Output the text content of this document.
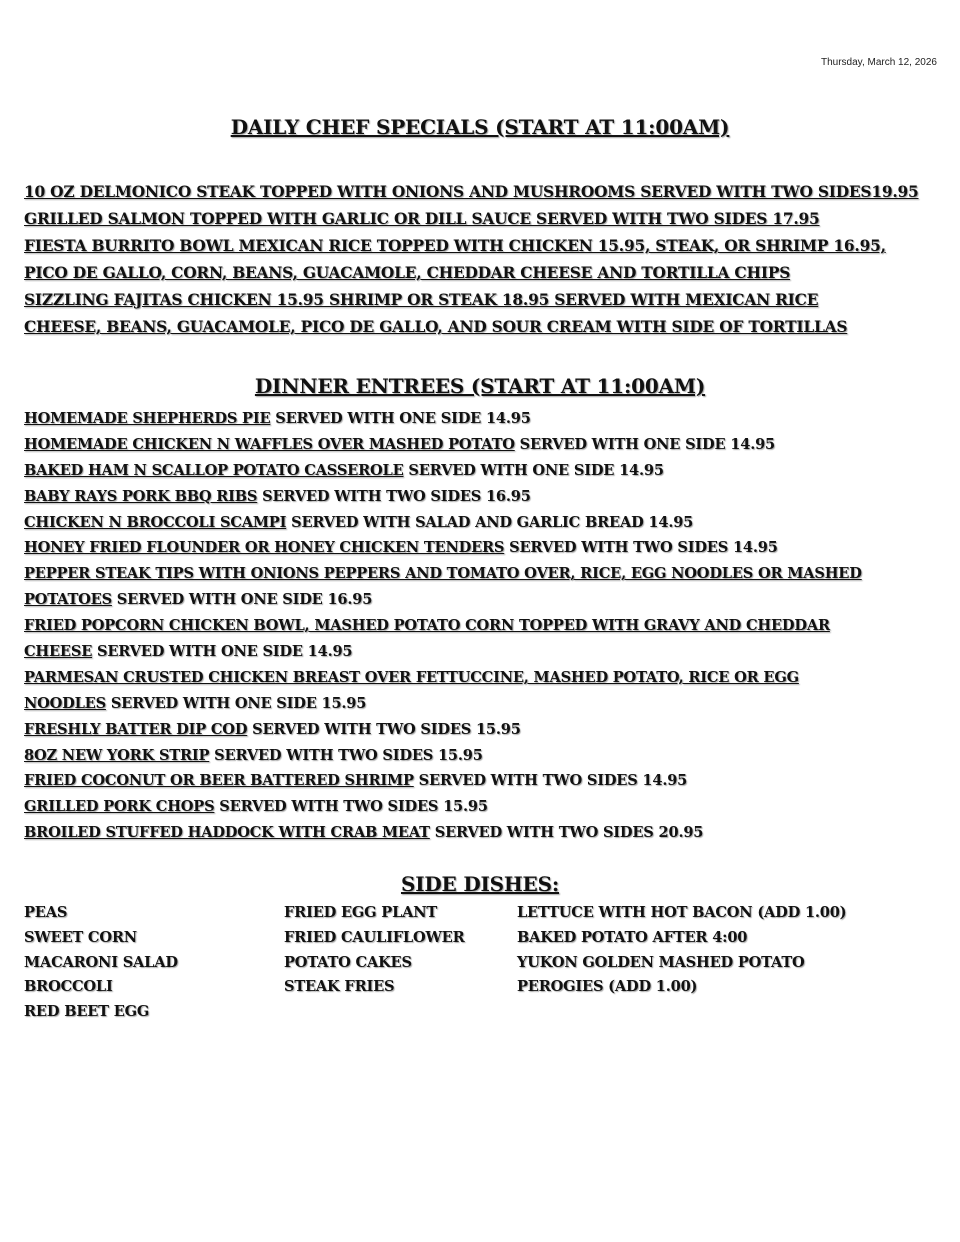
Thursday, March 12, 2026
DAILY CHEF SPECIALS (START AT 11:00AM)
10 OZ DELMONICO STEAK TOPPED WITH ONIONS AND MUSHROOMS SERVED WITH TWO SIDES19.95
GRILLED SALMON TOPPED WITH GARLIC OR DILL SAUCE SERVED WITH TWO SIDES 17.95
FIESTA BURRITO BOWL MEXICAN RICE TOPPED WITH CHICKEN 15.95, STEAK, OR SHRIMP 16.95,
PICO DE GALLO, CORN, BEANS, GUACAMOLE, CHEDDAR CHEESE AND TORTILLA CHIPS
SIZZLING FAJITAS CHICKEN 15.95 SHRIMP OR STEAK 18.95 SERVED WITH MEXICAN RICE
CHEESE, BEANS, GUACAMOLE, PICO DE GALLO, AND SOUR CREAM WITH SIDE OF TORTILLAS
DINNER ENTREES (START AT 11:00AM)
HOMEMADE SHEPHERDS PIE SERVED WITH ONE SIDE 14.95
HOMEMADE CHICKEN N WAFFLES OVER MASHED POTATO SERVED WITH ONE SIDE 14.95
BAKED HAM N SCALLOP POTATO CASSEROLE SERVED WITH ONE SIDE 14.95
BABY RAYS PORK BBQ RIBS SERVED WITH TWO SIDES 16.95
CHICKEN N BROCCOLI SCAMPI SERVED WITH SALAD AND GARLIC BREAD 14.95
HONEY FRIED FLOUNDER OR HONEY CHICKEN TENDERS SERVED WITH TWO SIDES 14.95
PEPPER STEAK TIPS WITH ONIONS PEPPERS AND TOMATO OVER, RICE, EGG NOODLES OR MASHED
POTATOES SERVED WITH ONE SIDE 16.95
FRIED POPCORN CHICKEN BOWL, MASHED POTATO CORN TOPPED WITH GRAVY AND CHEDDAR
CHEESE SERVED WITH ONE SIDE 14.95
PARMESAN CRUSTED CHICKEN BREAST OVER FETTUCCINE, MASHED POTATO, RICE OR EGG
NOODLES SERVED WITH ONE SIDE 15.95
FRESHLY BATTER DIP COD SERVED WITH TWO SIDES 15.95
8OZ NEW YORK STRIP SERVED WITH TWO SIDES 15.95
FRIED COCONUT OR BEER BATTERED SHRIMP SERVED WITH TWO SIDES 14.95
GRILLED PORK CHOPS SERVED WITH TWO SIDES 15.95
BROILED STUFFED HADDOCK WITH CRAB MEAT SERVED WITH TWO SIDES 20.95
SIDE DISHES:
PEAS
SWEET CORN
MACARONI SALAD
BROCCOLI
RED BEET EGG
FRIED EGG PLANT
FRIED CAULIFLOWER
POTATO CAKES
STEAK FRIES
LETTUCE WITH HOT BACON (ADD 1.00)
BAKED POTATO AFTER 4:00
YUKON GOLDEN MASHED POTATO
PEROGIES (ADD 1.00)
